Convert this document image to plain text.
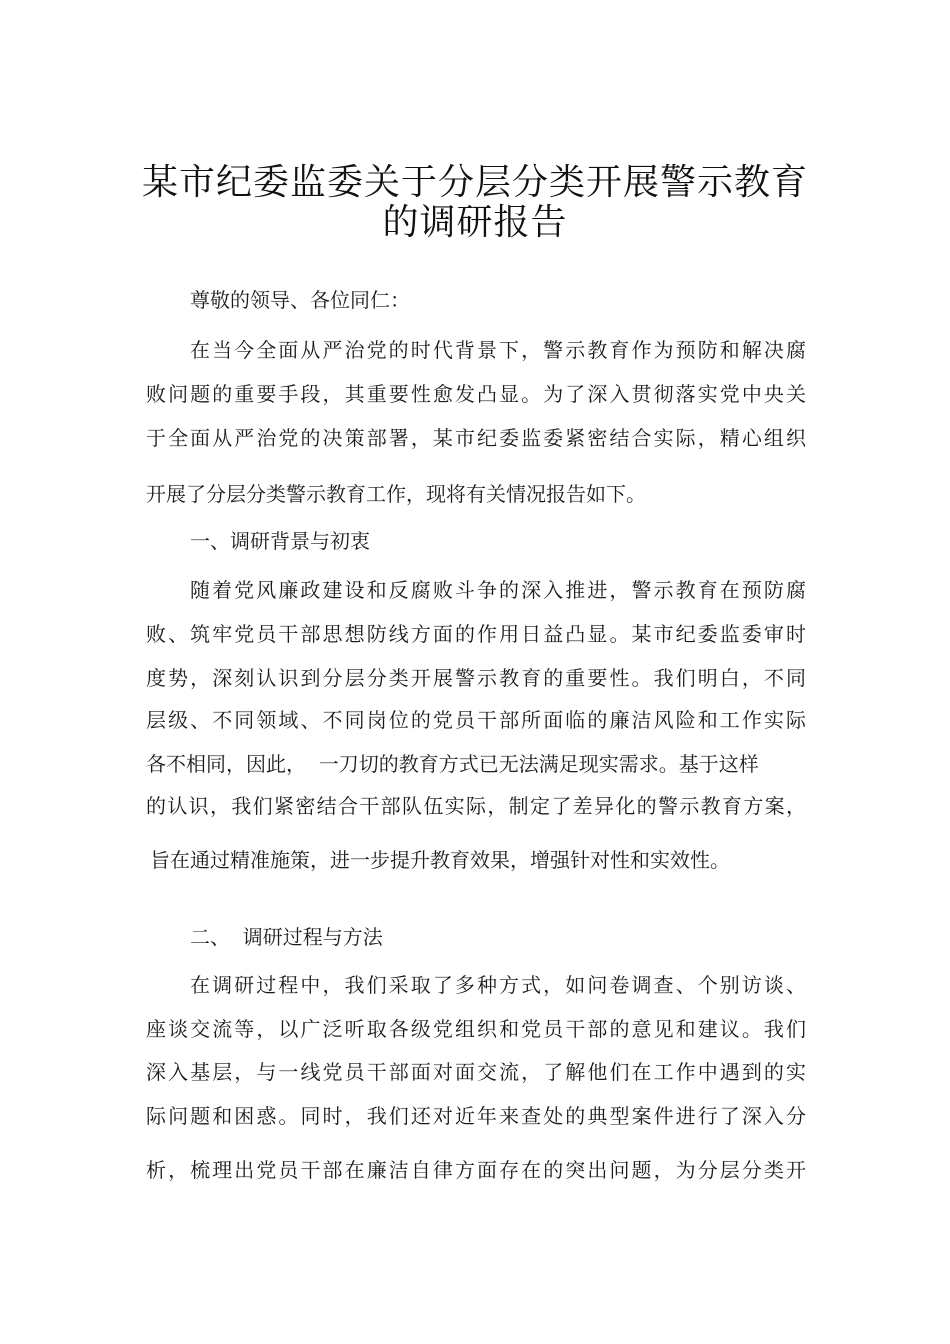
某市纪委监委关于分层分类开展警示教育
的调研报告
尊敬的领导、各位同仁：
在当今全面从严治党的时代背景下，警示教育作为预防和解决腐
败问题的重要手段，其重要性愈发凸显。为了深入贯彻落实党中央关
于全面从严治党的决策部署，某市纪委监委紧密结合实际，精心组织
开展了分层分类警示教育工作，现将有关情况报告如下。
一、调研背景与初衷
随着党风廉政建设和反腐败斗争的深入推进，警示教育在预防腐
败、筑牢党员干部思想防线方面的作用日益凸显。某市纪委监委审时
度势，深刻认识到分层分类开展警示教育的重要性。我们明白，不同
层级、不同领域、不同岗位的党员干部所面临的廉洁风险和工作实际
各不相同，因此，  一刀切的教育方式已无法满足现实需求。基于这样
的认识，我们紧密结合干部队伍实际，制定了差异化的警示教育方案，
旨在通过精准施策，进一步提升教育效果，增强针对性和实效性。
二、  调研过程与方法
在调研过程中，我们采取了多种方式，如问卷调查、个别访谈、
座谈交流等，以广泛听取各级党组织和党员干部的意见和建议。我们
深入基层，与一线党员干部面对面交流，了解他们在工作中遇到的实
际问题和困惑。同时，我们还对近年来查处的典型案件进行了深入分
析，梳理出党员干部在廉洁自律方面存在的突出问题，为分层分类开
